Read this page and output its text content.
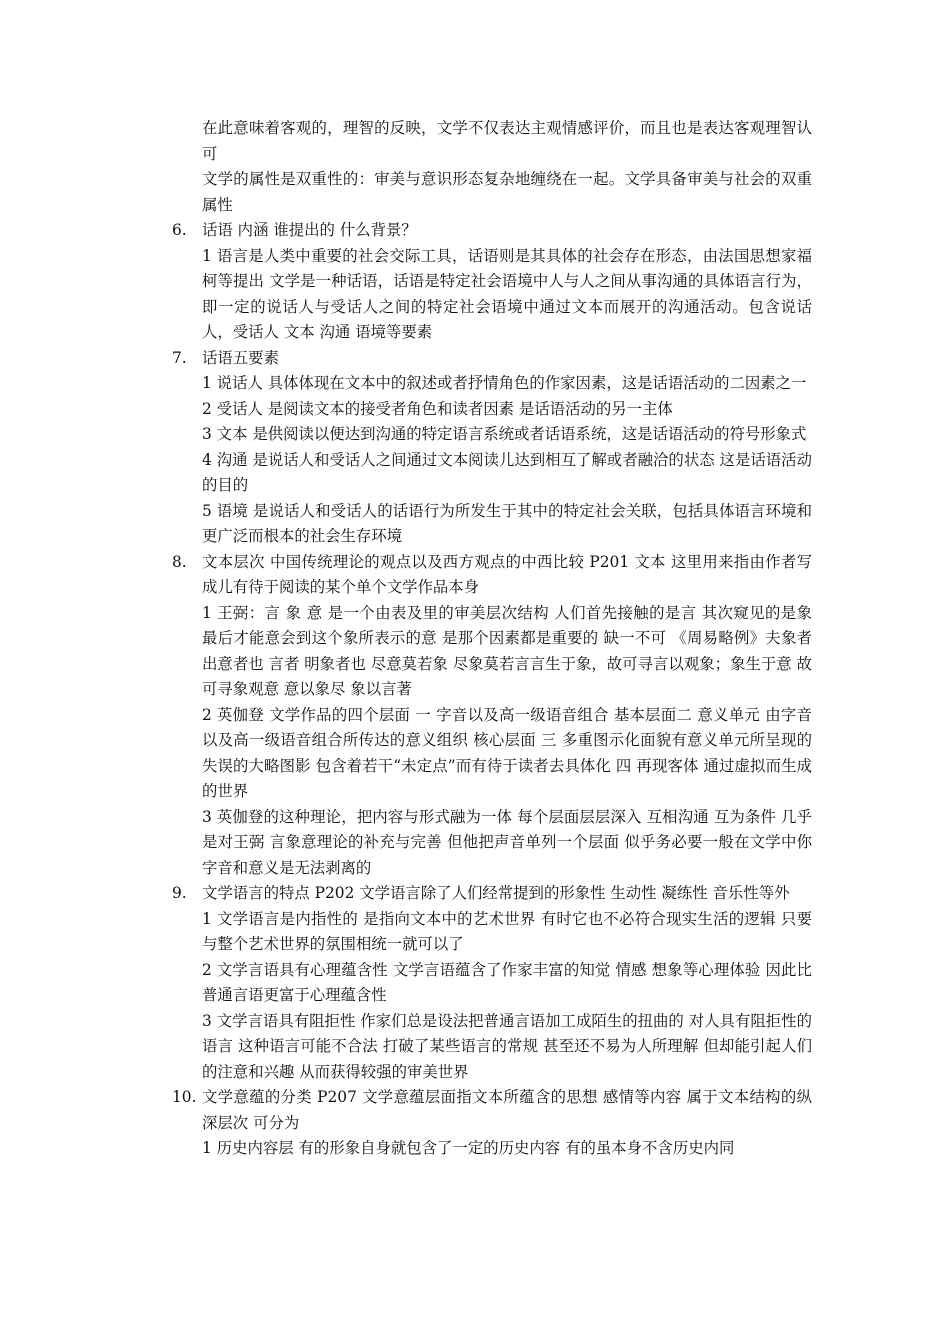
在此意味着客观的，理智的反映，文学不仅表达主观情感评价，而且也是表达客观理智认可
文学的属性是双重性的：审美与意识形态复杂地缠绕在一起。文学具备审美与社会的双重属性
6. 话语 内涵 谁提出的 什么背景？
1 语言是人类中重要的社会交际工具，话语则是其具体的社会存在形态，由法国思想家福柯等提出 文学是一种话语，话语是特定社会语境中人与人之间从事沟通的具体语言行为，即一定的说话人与受话人之间的特定社会语境中通过文本而展开的沟通活动。包含说话人，受话人 文本 沟通 语境等要素
7. 话语五要素
1 说话人 具体体现在文本中的叙述或者抒情角色的作家因素，这是话语活动的二因素之一
2 受话人 是阅读文本的接受者角色和读者因素 是话语活动的另一主体
3 文本 是供阅读以便达到沟通的特定语言系统或者话语系统，这是话语活动的符号形象式
4 沟通 是说话人和受话人之间通过文本阅读儿达到相互了解或者融洽的状态 这是话语活动的目的
5 语境 是说话人和受话人的话语行为所发生于其中的特定社会关联，包括具体语言环境和更广泛而根本的社会生存环境
8. 文本层次 中国传统理论的观点以及西方观点的中西比较 P201 文本 这里用来指由作者写成儿有待于阅读的某个单个文学作品本身
1 王弼：言 象 意 是一个由表及里的审美层次结构 人们首先接触的是言 其次窥见的是象 最后才能意会到这个象所表示的意 是那个因素都是重要的 缺一不可 《周易略例》夫象者 出意者也 言者 明象者也 尽意莫若象 尽象莫若言言生于象，故可寻言以观象；象生于意 故可寻象观意 意以象尽 象以言著
2 英伽登 文学作品的四个层面 一 字音以及高一级语音组合 基本层面二 意义单元 由字音以及高一级语音组合所传达的意义组织 核心层面 三 多重图示化面貌有意义单元所呈现的失误的大略图影 包含着若干“未定点”而有待于读者去具体化 四 再现客体 通过虚拟而生成的世界
3 英伽登的这种理论，把内容与形式融为一体 每个层面层层深入 互相沟通 互为条件 几乎是对王弼 言象意理论的补充与完善 但他把声音单列一个层面 似乎务必要一般在文学中你字音和意义是无法剥离的
9. 文学语言的特点 P202 文学语言除了人们经常提到的形象性 生动性 凝练性 音乐性等外
1 文学语言是内指性的 是指向文本中的艺术世界 有时它也不必符合现实生活的逻辑 只要与整个艺术世界的氛围相统一就可以了
2 文学言语具有心理蕴含性 文学言语蕴含了作家丰富的知觉 情感 想象等心理体验 因此比普通言语更富于心理蕴含性
3 文学言语具有阻拒性 作家们总是设法把普通言语加工成陌生的扭曲的 对人具有阻拒性的语言 这种语言可能不合法 打破了某些语言的常规 甚至还不易为人所理解 但却能引起人们的注意和兴趣 从而获得较强的审美世界
10. 文学意蕴的分类 P207 文学意蕴层面指文本所蕴含的思想 感情等内容 属于文本结构的纵深层次 可分为
1 历史内容层 有的形象自身就包含了一定的历史内容 有的虽本身不含历史内同
